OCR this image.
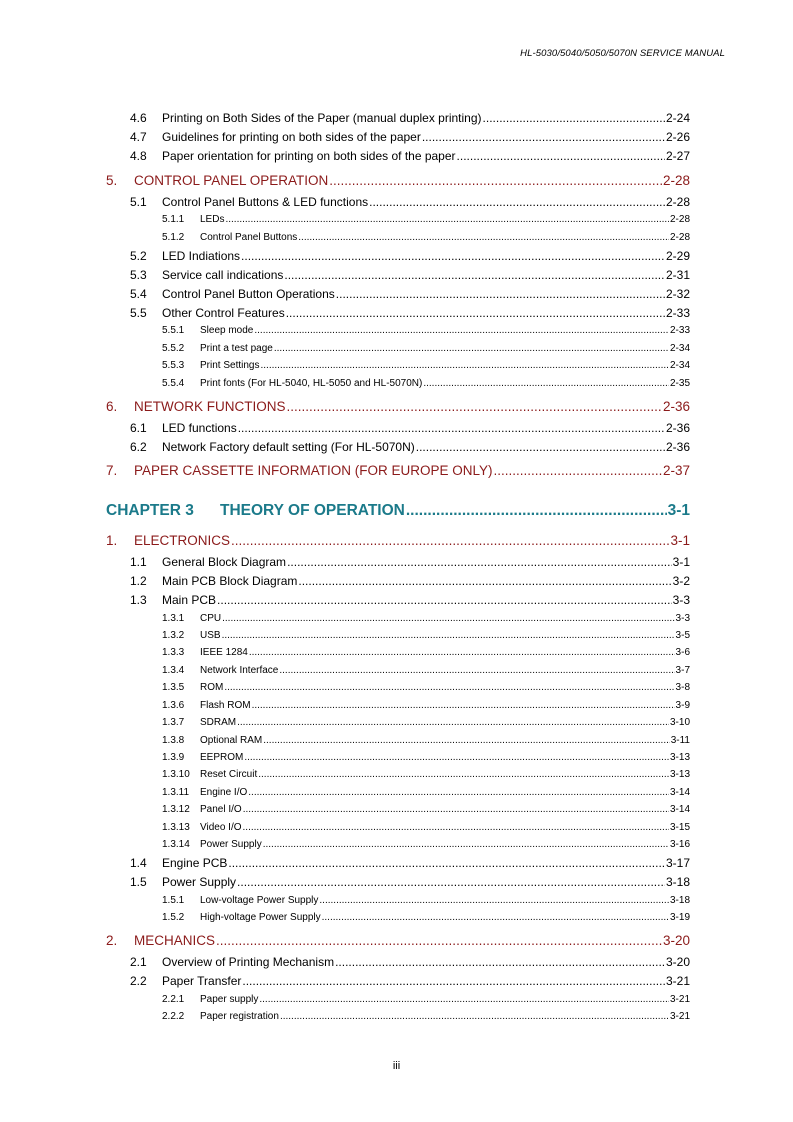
HL-5030/5040/5050/5070N SERVICE MANUAL
4.6	Printing on Both Sides of the Paper (manual duplex printing) .....	2-24
4.7	Guidelines for printing on both sides of the paper .....	2-26
4.8	Paper orientation for printing on both sides of the paper .....	2-27
5.	CONTROL PANEL OPERATION .....	2-28
5.1	Control Panel Buttons & LED functions .....	2-28
5.1.1	LEDs .....	2-28
5.1.2	Control Panel Buttons .....	2-28
5.2	LED Indiations .....	2-29
5.3	Service call indications .....	2-31
5.4	Control Panel Button Operations .....	2-32
5.5	Other Control Features .....	2-33
5.5.1	Sleep mode .....	2-33
5.5.2	Print a test page .....	2-34
5.5.3	Print Settings .....	2-34
5.5.4	Print fonts (For HL-5040, HL-5050 and HL-5070N) .....	2-35
6.	NETWORK FUNCTIONS .....	2-36
6.1	LED functions .....	2-36
6.2	Network Factory default setting (For HL-5070N) .....	2-36
7.	PAPER CASSETTE INFORMATION (FOR EUROPE ONLY) .....	2-37
CHAPTER 3	THEORY OF OPERATION .....	3-1
1.	ELECTRONICS .....	3-1
1.1	General Block Diagram .....	3-1
1.2	Main PCB Block Diagram .....	3-2
1.3	Main PCB .....	3-3
1.3.1	CPU .....	3-3
1.3.2	USB .....	3-5
1.3.3	IEEE 1284 .....	3-6
1.3.4	Network Interface .....	3-7
1.3.5	ROM .....	3-8
1.3.6	Flash ROM .....	3-9
1.3.7	SDRAM .....	3-10
1.3.8	Optional RAM .....	3-11
1.3.9	EEPROM .....	3-13
1.3.10	Reset Circuit .....	3-13
1.3.11	Engine I/O .....	3-14
1.3.12	Panel I/O .....	3-14
1.3.13	Video I/O .....	3-15
1.3.14	Power Supply .....	3-16
1.4	Engine PCB .....	3-17
1.5	Power Supply .....	3-18
1.5.1	Low-voltage Power Supply .....	3-18
1.5.2	High-voltage Power Supply .....	3-19
2.	MECHANICS .....	3-20
2.1	Overview of Printing Mechanism .....	3-20
2.2	Paper Transfer .....	3-21
2.2.1	Paper supply .....	3-21
2.2.2	Paper registration .....	3-21
iii
